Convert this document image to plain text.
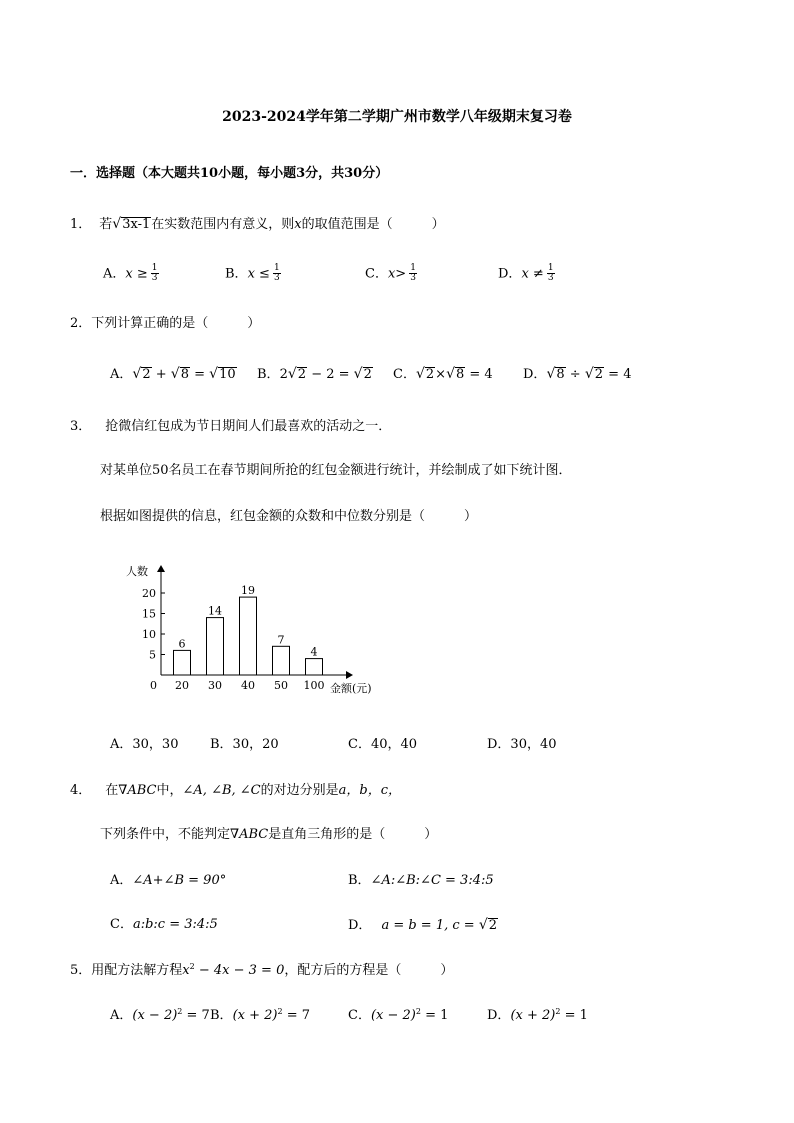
2023-2024学年第二学期广州市数学八年级期末复习卷
一．选择题（本大题共10小题，每小题3分，共30分）
1． 若√3x-1在实数范围内有意义，则x的取值范围是（　　　）
A．$x \ge \frac{1}{3}$	B．$x \le \frac{1}{3}$	C．$x> \frac{1}{3}$	D．$x \ne \frac{1}{3}$
2．下列计算正确的是（　　　）
A．√2 + √8 = √10 B．2√2 − 2 = √2 C．√2×√8 = 4 D．√8 ÷ √2 = 4
3． 抢微信红包成为节日期间人们最喜欢的活动之一．
对某单位50名员工在春节期间所抢的红包金额进行统计，并绘制成了如下统计图．
根据如图提供的信息，红包金额的众数和中位数分别是（　　　）
人数
金额(元)
0
5
10
15
20
6
20
14
30
19
40
7
50
4
100
A．30，30 B．30，20	C．40，40	D．30，40
4． 在∇ABC中，∠A, ∠B, ∠C的对边分别是a，b，c，
下列条件中，不能判定∇ABC是直角三角形的是（　　　）
A．∠A+∠B = 90°	B．∠A:∠B:∠C = 3:4:5
C．a:b:c = 3:4:5	D． a = b = 1, c = √2
5．用配方法解方程$x^2 - 4x - 3 = 0$，配方后的方程是（　　　）
A．$(x - 2)^2 = 7$ B．$(x + 2)^2 = 7$	C．$(x - 2)^2 = 1$	D．$(x + 2)^2 = 1$
